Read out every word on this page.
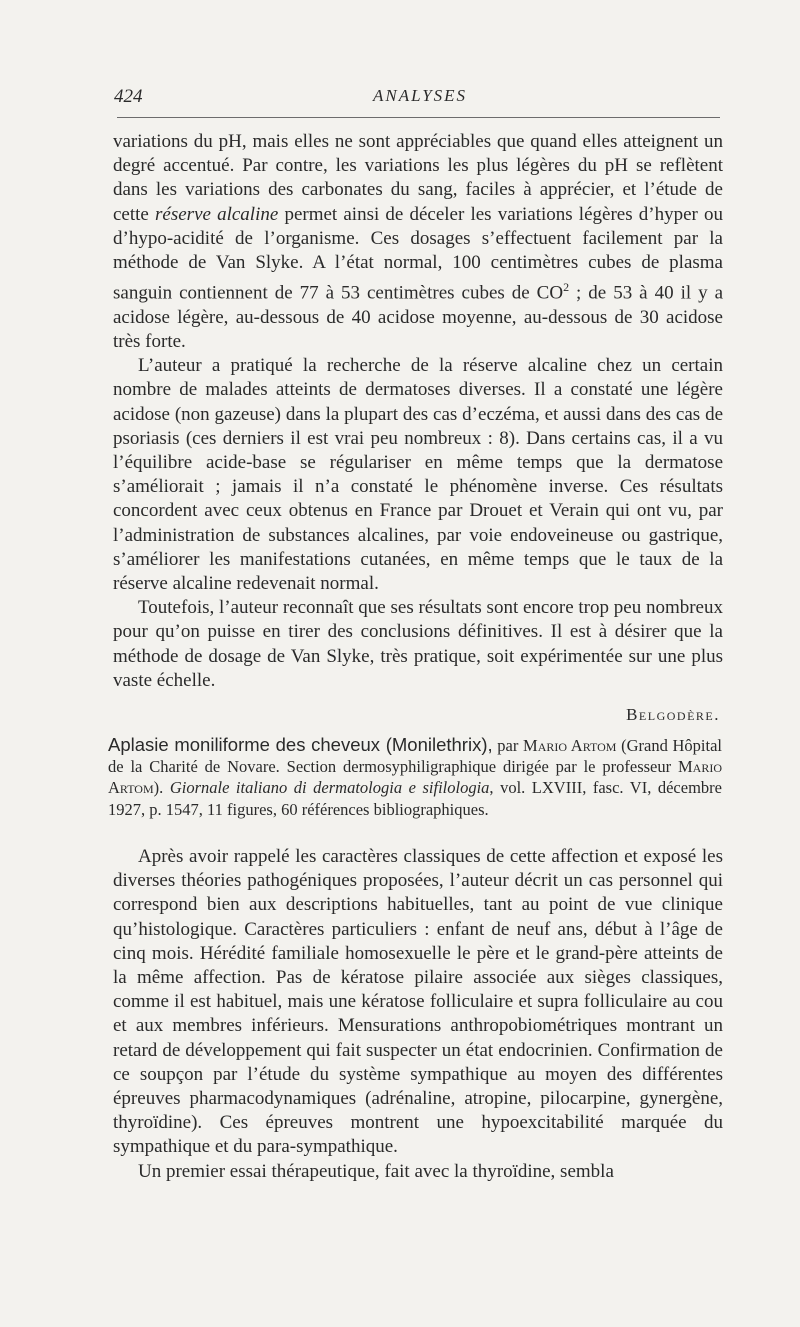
424	ANALYSES

variations du pH, mais elles ne sont appréciables que quand elles atteignent un degré accentué. Par contre, les variations les plus légères du pH se reflètent dans les variations des carbonates du sang, faciles à apprécier, et l’étude de cette réserve alcaline permet ainsi de déceler les variations légères d’hyper ou d’hypo-acidité de l’organisme. Ces dosages s’effectuent facilement par la méthode de Van Slyke. A l’état normal, 100 centimètres cubes de plasma sanguin contiennent de 77 à 53 centimètres cubes de $CO^2$ ; de 53 à 40 il y a acidose légère, au-dessous de 40 acidose moyenne, au-dessous de 30 acidose très forte.

L’auteur a pratiqué la recherche de la réserve alcaline chez un certain nombre de malades atteints de dermatoses diverses. Il a constaté une légère acidose (non gazeuse) dans la plupart des cas d’eczéma, et aussi dans des cas de psoriasis (ces derniers il est vrai peu nombreux : 8). Dans certains cas, il a vu l’équilibre acide-base se régulariser en même temps que la dermatose s’améliorait ; jamais il n’a constaté le phénomène inverse. Ces résultats concordent avec ceux obtenus en France par Drouet et Verain qui ont vu, par l’administration de substances alcalines, par voie endoveineuse ou gastrique, s’améliorer les manifestations cutanées, en même temps que le taux de la réserve alcaline redevenait normal.

Toutefois, l’auteur reconnaît que ses résultats sont encore trop peu nombreux pour qu’on puisse en tirer des conclusions définitives. Il est à désirer que la méthode de dosage de Van Slyke, très pratique, soit expérimentée sur une plus vaste échelle.

Belgodère.
Aplasie moniliforme des cheveux (Monilethrix), par Mario Artom (Grand Hôpital de la Charité de Novare. Section dermosyphiligraphique dirigée par le professeur Mario Artom). Giornale italiano di dermatologia e sifilologia, vol. LXVIII, fasc. VI, décembre 1927, p. 1547, 11 figures, 60 références bibliographiques.

Après avoir rappelé les caractères classiques de cette affection et exposé les diverses théories pathogéniques proposées, l’auteur décrit un cas personnel qui correspond bien aux descriptions habituelles, tant au point de vue clinique qu’histologique. Caractères particuliers : enfant de neuf ans, début à l’âge de cinq mois. Hérédité familiale homosexuelle le père et le grand-père atteints de la même affection. Pas de kératose pilaire associée aux sièges classiques, comme il est habituel, mais une kératose folliculaire et supra folliculaire au cou et aux membres inférieurs. Mensurations anthropobiométriques montrant un retard de développement qui fait suspecter un état endocrinien. Confirmation de ce soupçon par l’étude du système sympathique au moyen des différentes épreuves pharmacodynamiques (adrénaline, atropine, pilocarpine, gynergène, thyroïdine). Ces épreuves montrent une hypoexcitabilité marquée du sympathique et du para-sympathique.

Un premier essai thérapeutique, fait avec la thyroïdine, sembla
